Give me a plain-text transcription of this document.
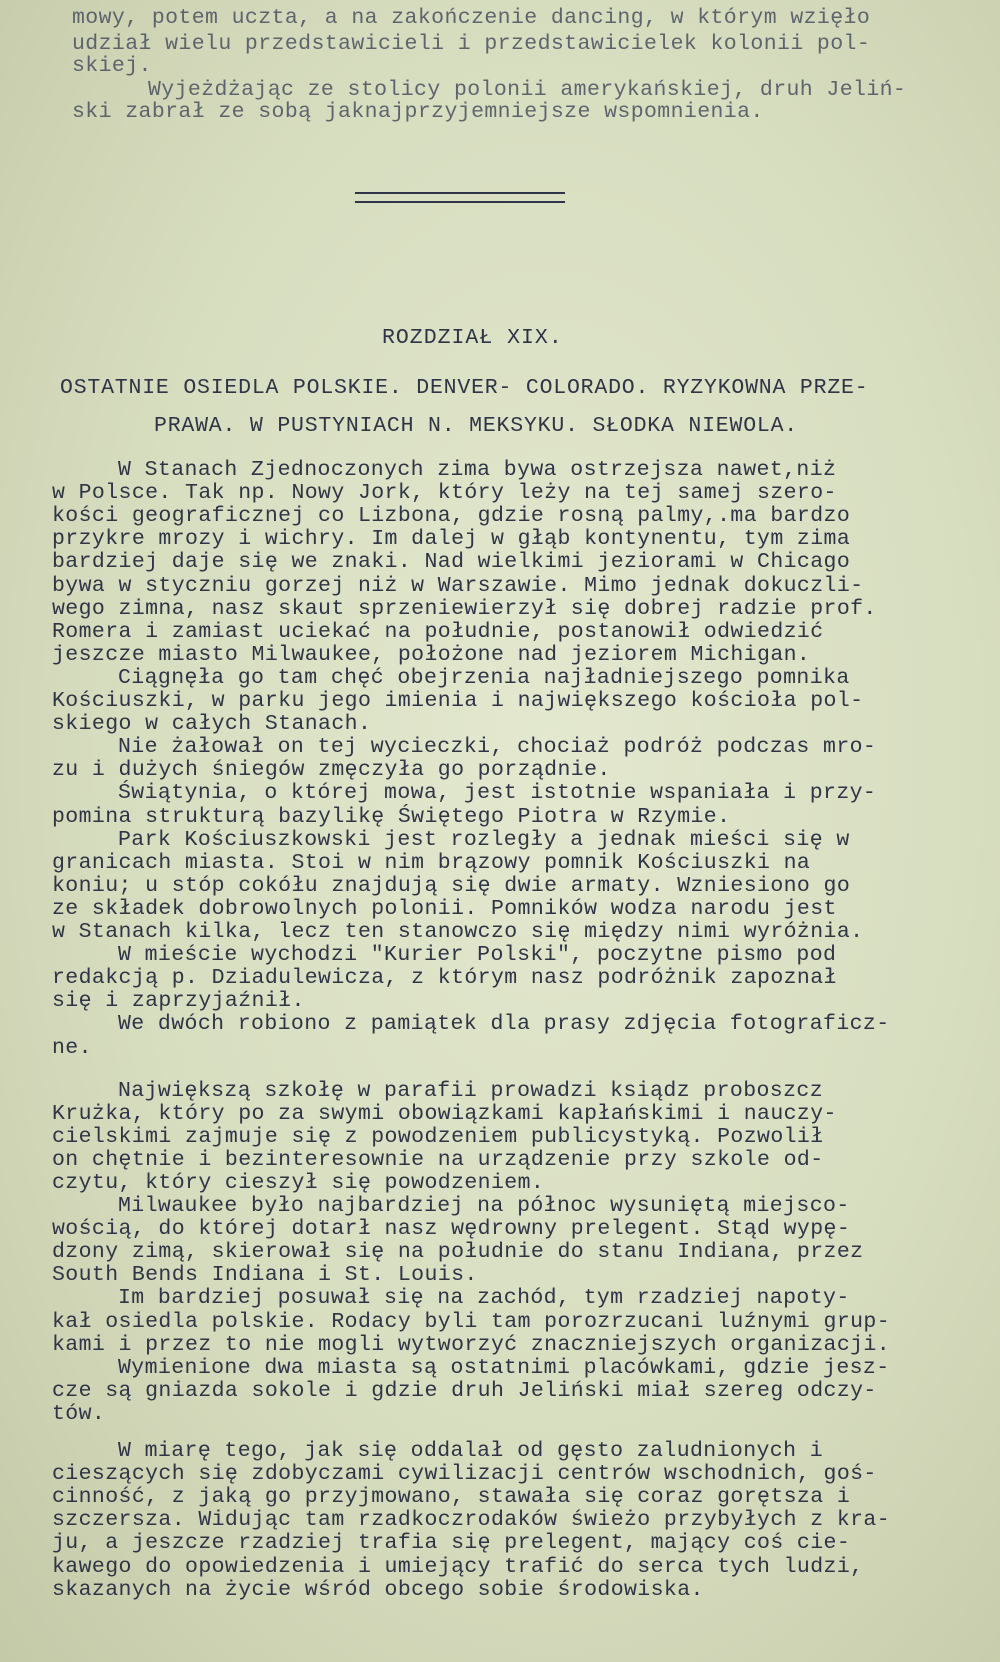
mowy, potem uczta, a na zakończenie dancing, w którym wzięło
udział wielu przedstawicieli i przedstawicielek kolonii pol-
skiej.
Wyjeżdżając ze stolicy polonii amerykańskiej, druh Jeliń-
ski zabrał ze sobą jaknajprzyjemniejsze wspomnienia.
ROZDZIAŁ XIX.
OSTATNIE OSIEDLA POLSKIE. DENVER- COLORADO. RYZYKOWNA PRZE-
PRAWA. W PUSTYNIACH N. MEKSYKU. SŁODKA NIEWOLA.
W Stanach Zjednoczonych zima bywa ostrzejsza nawet,niż
w Polsce. Tak np. Nowy Jork, który leży na tej samej szero-
kości geograficznej co Lizbona, gdzie rosną palmy,.ma bardzo
przykre mrozy i wichry. Im dalej w głąb kontynentu, tym zima
bardziej daje się we znaki. Nad wielkimi jeziorami w Chicago
bywa w styczniu gorzej niż w Warszawie. Mimo jednak dokuczli-
wego zimna, nasz skaut sprzeniewierzył się dobrej radzie prof.
Romera i zamiast uciekać na południe, postanowił odwiedzić
jeszcze miasto Milwaukee, położone nad jeziorem Michigan.
Ciągnęła go tam chęć obejrzenia najładniejszego pomnika
Kościuszki, w parku jego imienia i największego kościoła pol-
skiego w całych Stanach.
Nie żałował on tej wycieczki, chociaż podróż podczas mro-
zu i dużych śniegów zmęczyła go porządnie.
Świątynia, o której mowa, jest istotnie wspaniała i przy-
pomina strukturą bazylikę Świętego Piotra w Rzymie.
Park Kościuszkowski jest rozległy a jednak mieści się w
granicach miasta. Stoi w nim brązowy pomnik Kościuszki na
koniu; u stóp cokółu znajdują się dwie armaty. Wzniesiono go
ze składek dobrowolnych polonii. Pomników wodza narodu jest
w Stanach kilka, lecz ten stanowczo się między nimi wyróżnia.
W mieście wychodzi "Kurier Polski", poczytne pismo pod
redakcją p. Dziadulewicza, z którym nasz podróżnik zapoznał
się i zaprzyjaźnił.
We dwóch robiono z pamiątek dla prasy zdjęcia fotograficz-
ne.
Największą szkołę w parafii prowadzi ksiądz proboszcz
Krużka, który po za swymi obowiązkami kapłańskimi i nauczy-
cielskimi zajmuje się z powodzeniem publicystyką. Pozwolił
on chętnie i bezinteresownie na urządzenie przy szkole od-
czytu, który cieszył się powodzeniem.
Milwaukee było najbardziej na północ wysuniętą miejsco-
wością, do której dotarł nasz wędrowny prelegent. Stąd wypę-
dzony zimą, skierował się na południe do stanu Indiana, przez
South Bends Indiana i St. Louis.
Im bardziej posuwał się na zachód, tym rzadziej napoty-
kał osiedla polskie. Rodacy byli tam porozrzucani luźnymi grup-
kami i przez to nie mogli wytworzyć znaczniejszych organizacji.
Wymienione dwa miasta są ostatnimi placówkami, gdzie jesz-
cze są gniazda sokole i gdzie druh Jeliński miał szereg odczy-
tów.
W miarę tego, jak się oddalał od gęsto zaludnionych i
cieszących się zdobyczami cywilizacji centrów wschodnich, goś-
cinność, z jaką go przyjmowano, stawała się coraz gorętsza i
szczersza. Widując tam rzadkoczrodaków świeżo przybyłych z kra-
ju, a jeszcze rzadziej trafia się prelegent, mający coś cie-
kawego do opowiedzenia i umiejący trafić do serca tych ludzi,
skazanych na życie wśród obcego sobie środowiska.
